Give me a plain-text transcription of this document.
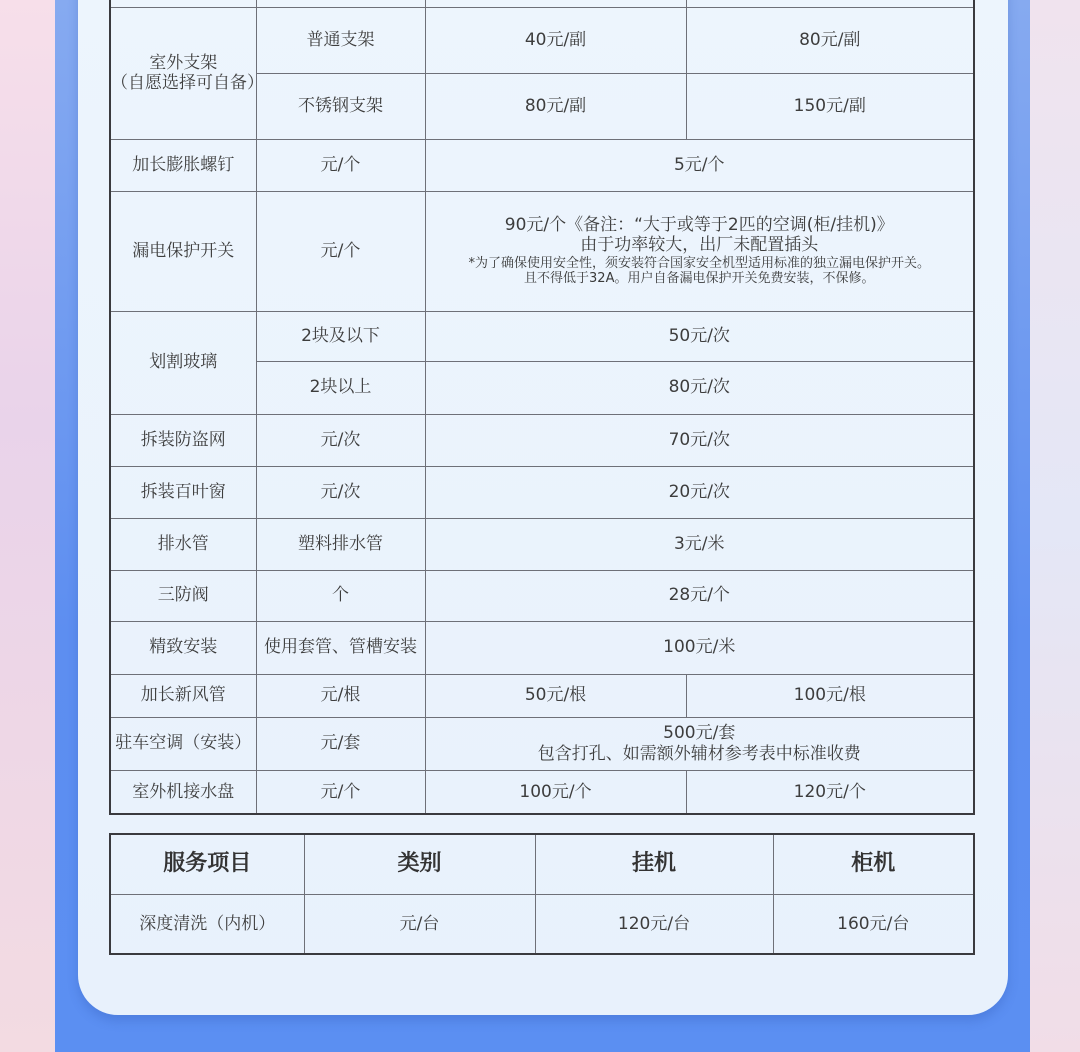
室外支架
（自愿选择可自备）	普通支架	40元/副	80元/副
	不锈钢支架	80元/副	150元/副
加长膨胀螺钉	元/个	5元/个	
漏电保护开关	元/个	90元/个《备注：“大于或等于2匹的空调(柜/挂机)》
由于功率较大，出厂未配置插头
*为了确保使用安全性，须安装符合国家安全机型适用标准的独立漏电保护开关。
且不得低于32A。用户自备漏电保护开关免费安装，不保修。	

划割玻璃	2块及以下	50元/次	
	2块以上	80元/次	
拆装防盗网	元/次	70元/次	
拆装百叶窗	元/次	20元/次	
排水管	塑料排水管	3元/米	
三防阀	个	28元/个	
精致安装	使用套管、管槽安装	100元/米	
加长新风管	元/根	50元/根	100元/根
驻车空调（安装）	元/套	500元/套
包含打孔、如需额外辅材参考表中标准收费	

室外机接水盘	元/个	100元/个	120元/个
服务项目	类别	挂机	柜机
深度清洗（内机）	元/台	120元/台	160元/台
